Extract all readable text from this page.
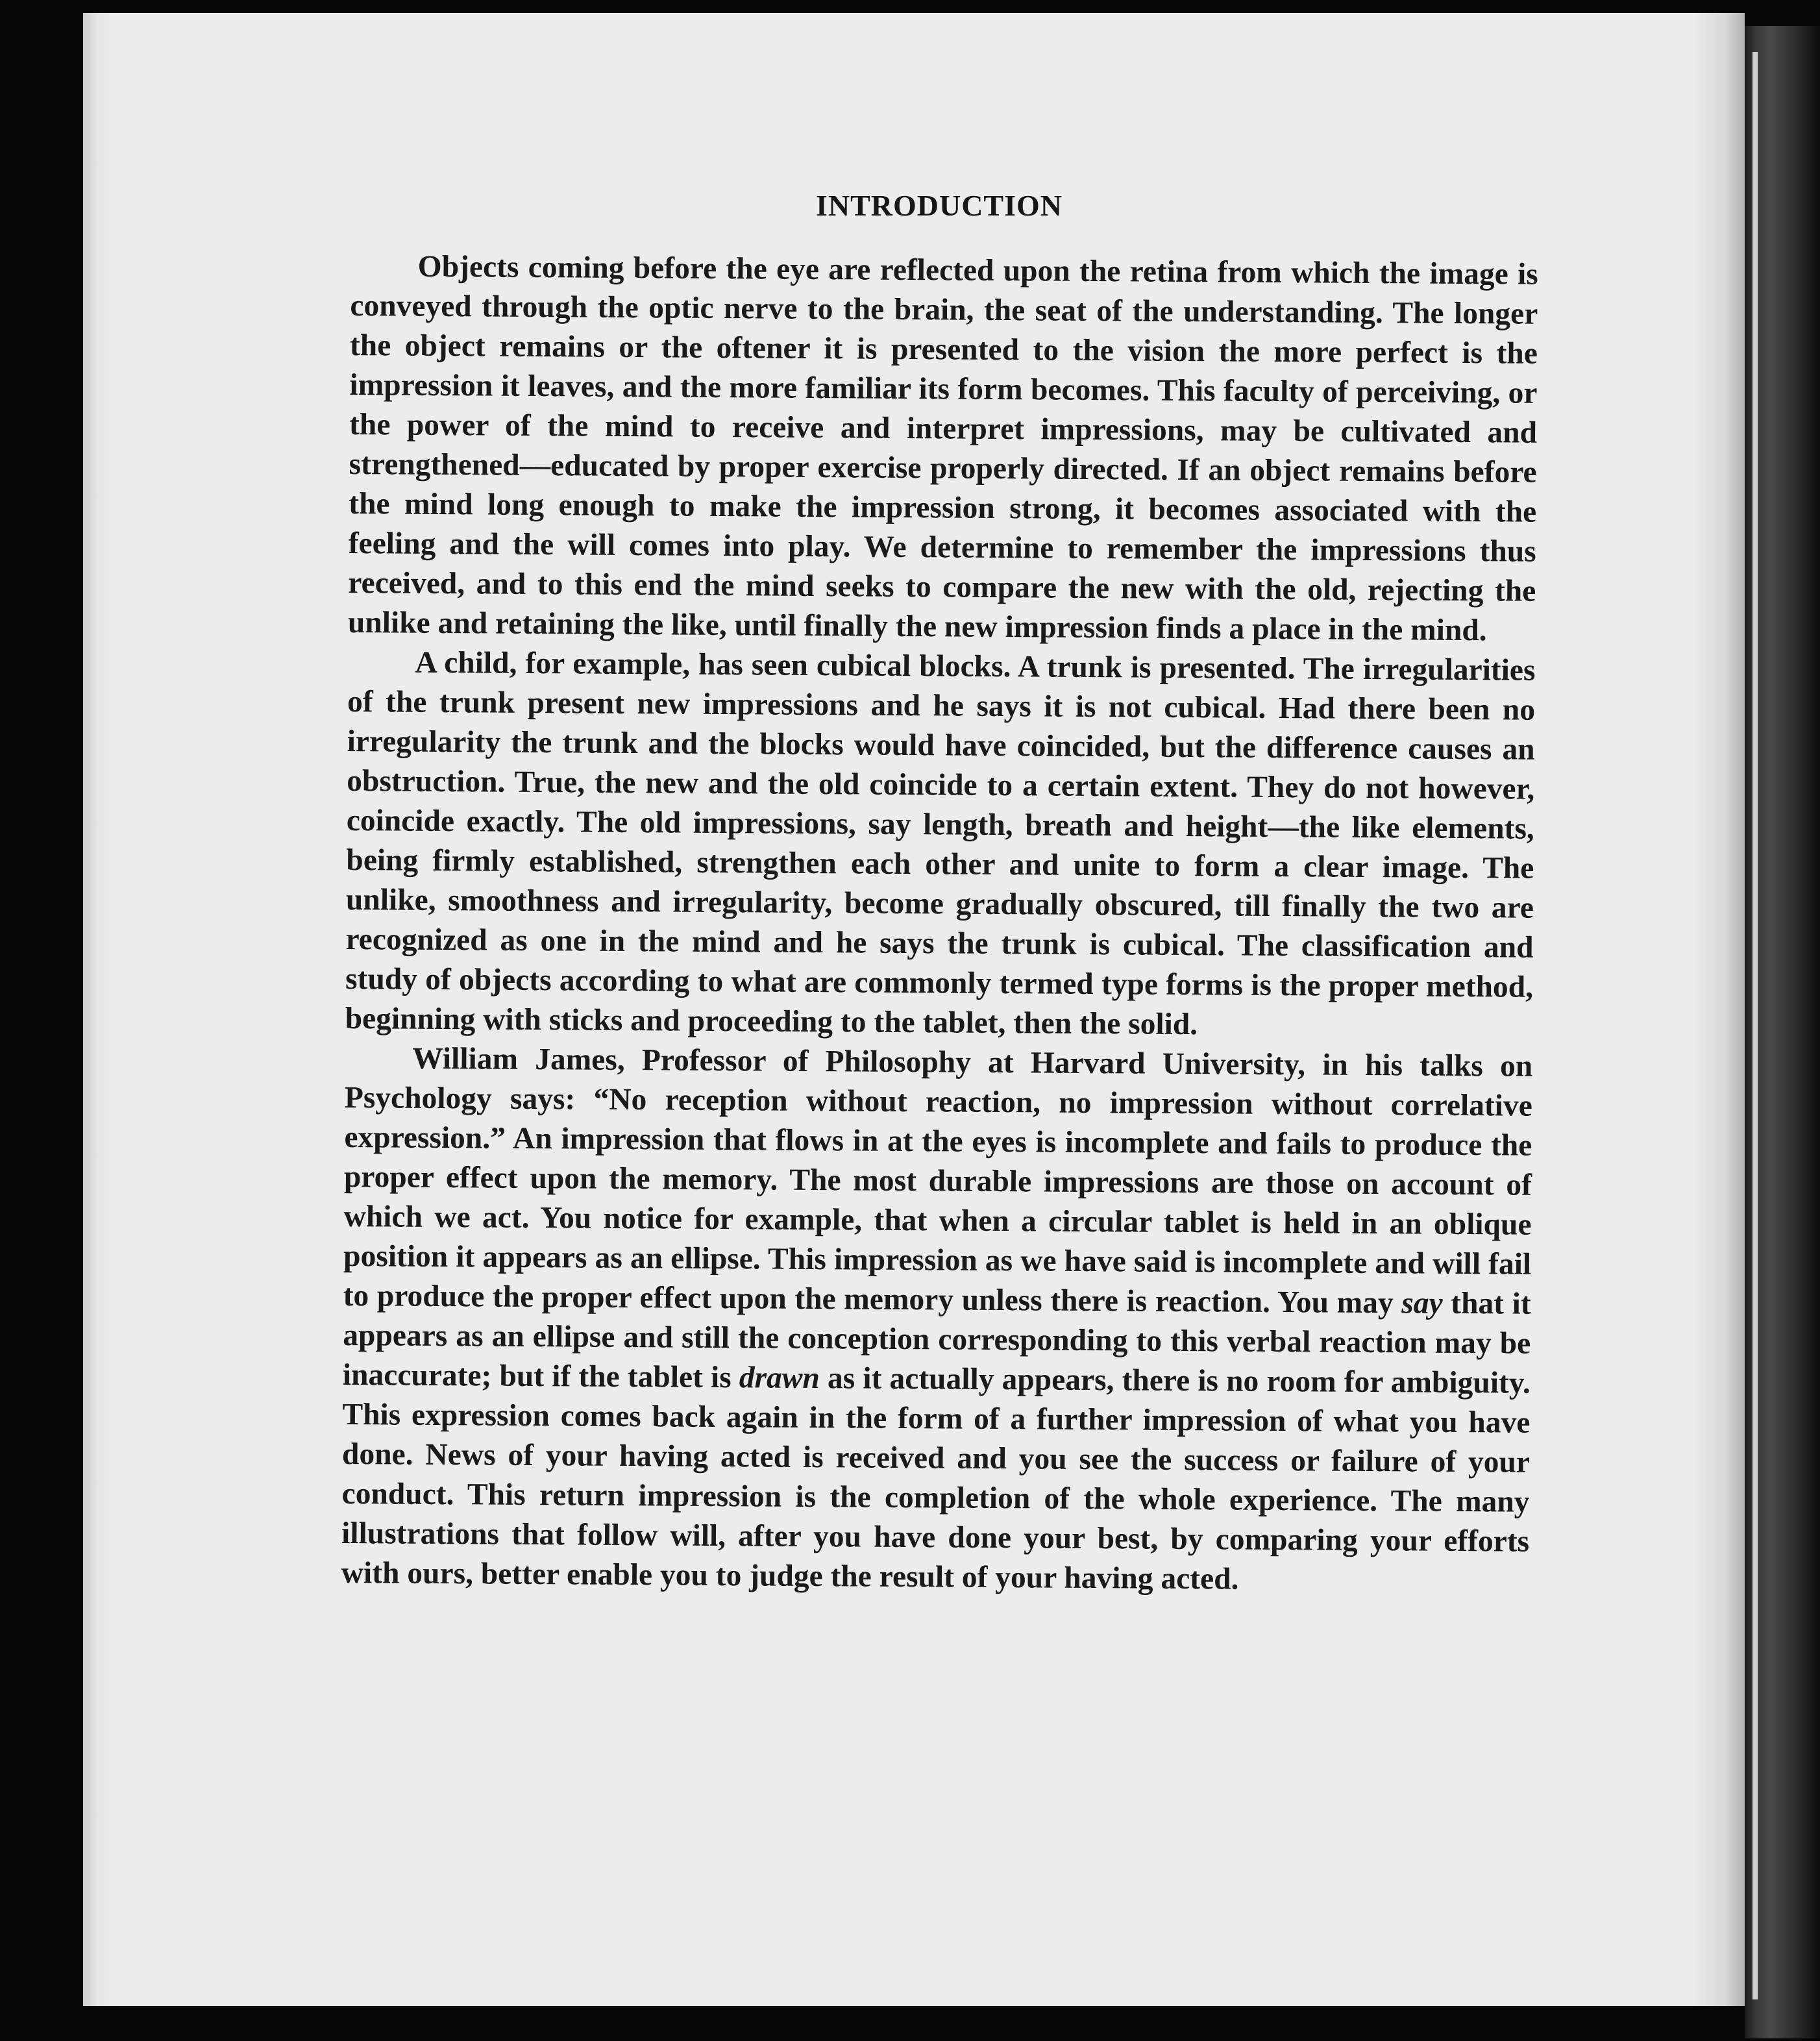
INTRODUCTION

Objects coming before the eye are reflected upon the retina from which the image is conveyed through the optic nerve to the brain, the seat of the understanding. The longer the object remains or the oftener it is presented to the vision the more perfect is the impression it leaves, and the more familiar its form becomes. This faculty of perceiving, or the power of the mind to receive and interpret impressions, may be cultivated and strengthened—educated by proper exercise properly directed. If an object remains before the mind long enough to make the impression strong, it becomes associated with the feeling and the will comes into play. We determine to remember the impressions thus received, and to this end the mind seeks to compare the new with the old, rejecting the unlike and retaining the like, until finally the new impression finds a place in the mind.

A child, for example, has seen cubical blocks. A trunk is presented. The irregularities of the trunk present new impressions and he says it is not cubical. Had there been no irregularity the trunk and the blocks would have coincided, but the difference causes an obstruction. True, the new and the old coincide to a certain extent. They do not however, coincide exactly. The old impressions, say length, breath and height—the like elements, being firmly established, strengthen each other and unite to form a clear image. The unlike, smoothness and irregularity, become gradually obscured, till finally the two are recognized as one in the mind and he says the trunk is cubical. The classification and study of objects according to what are commonly termed type forms is the proper method, beginning with sticks and proceeding to the tablet, then the solid.

William James, Professor of Philosophy at Harvard University, in his talks on Psychology says: “No reception without reaction, no impression without correlative expression.” An impression that flows in at the eyes is incomplete and fails to produce the proper effect upon the memory. The most durable impressions are those on account of which we act. You notice for example, that when a circular tablet is held in an oblique position it appears as an ellipse. This impression as we have said is incomplete and will fail to produce the proper effect upon the memory unless there is reaction. You may say that it appears as an ellipse and still the conception corresponding to this verbal reaction may be inaccurate; but if the tablet is drawn as it actually appears, there is no room for ambiguity. This expression comes back again in the form of a further impression of what you have done. News of your having acted is received and you see the success or failure of your conduct. This return impression is the completion of the whole experience. The many illustrations that follow will, after you have done your best, by comparing your efforts with ours, better enable you to judge the result of your having acted.
